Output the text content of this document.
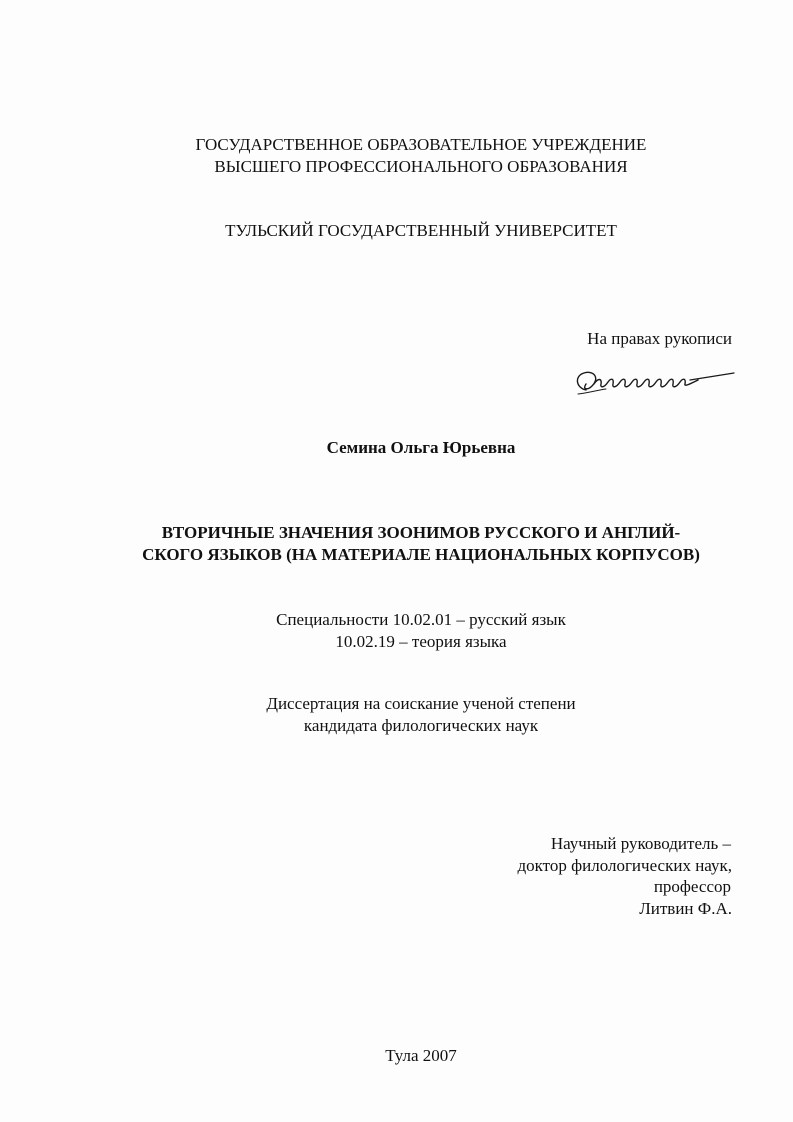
ГОСУДАРСТВЕННОЕ ОБРАЗОВАТЕЛЬНОЕ УЧРЕЖДЕНИЕ
ВЫСШЕГО ПРОФЕССИОНАЛЬНОГО ОБРАЗОВАНИЯ
ТУЛЬСКИЙ ГОСУДАРСТВЕННЫЙ УНИВЕРСИТЕТ
На правах рукописи
Семина Ольга Юрьевна
ВТОРИЧНЫЕ ЗНАЧЕНИЯ ЗООНИМОВ РУССКОГО И АНГЛИЙ-
СКОГО ЯЗЫКОВ (НА МАТЕРИАЛЕ НАЦИОНАЛЬНЫХ КОРПУСОВ)
Специальности 10.02.01 – русский язык
10.02.19 – теория языка
Диссертация на соискание ученой степени
кандидата филологических наук
Научный руководитель –
доктор филологических наук,
профессор
Литвин Ф.А.
Тула 2007
